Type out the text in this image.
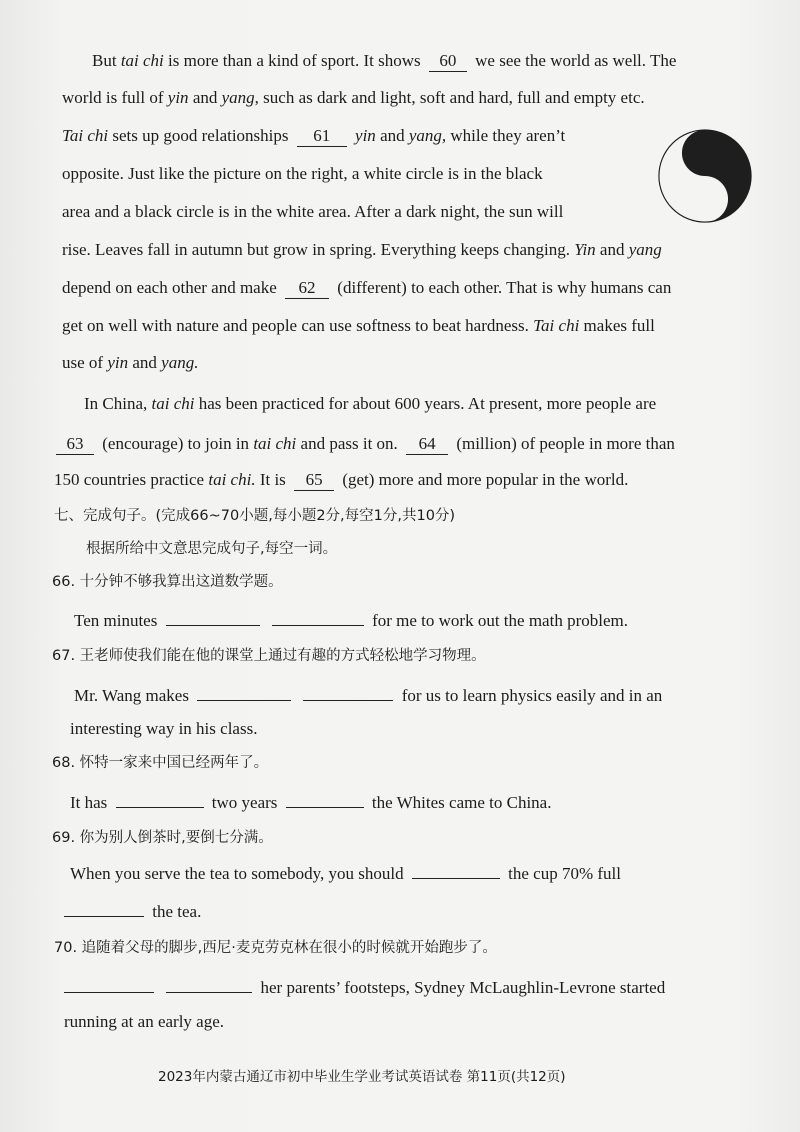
But tai chi is more than a kind of sport. It shows 60 we see the world as well. The
world is full of yin and yang, such as dark and light, soft and hard, full and empty etc.
Tai chi sets up good relationships 61 yin and yang, while they aren’t
opposite. Just like the picture on the right, a white circle is in the black
area and a black circle is in the white area. After a dark night, the sun will
rise. Leaves fall in autumn but grow in spring. Everything keeps changing. Yin and yang
depend on each other and make 62 (different) to each other. That is why humans can
get on well with nature and people can use softness to beat hardness. Tai chi makes full
use of yin and yang.
In China, tai chi has been practiced for about 600 years. At present, more people are
63 (encourage) to join in tai chi and pass it on. 64 (million) of people in more than
150 countries practice tai chi. It is 65 (get) more and more popular in the world.
七、完成句子。(完成66~70小题,每小题2分,每空1分,共10分)
根据所给中文意思完成句子,每空一词。
66. 十分钟不够我算出这道数学题。
Ten minutes	for me to work out the math problem.
67. 王老师使我们能在他的课堂上通过有趣的方式轻松地学习物理。
Mr. Wang makes	for us to learn physics easily and in an
interesting way in his class.
68. 怀特一家来中国已经两年了。
It has	two years	the Whites came to China.
69. 你为别人倒茶时,要倒七分满。
When you serve the tea to somebody, you should	the cup 70% full
the tea.
70. 追随着父母的脚步,西尼·麦克劳克林在很小的时候就开始跑步了。
her parents’ footsteps, Sydney McLaughlin-Levrone started
running at an early age.
2023年内蒙古通辽市初中毕业生学业考试英语试卷 第11页(共12页)
